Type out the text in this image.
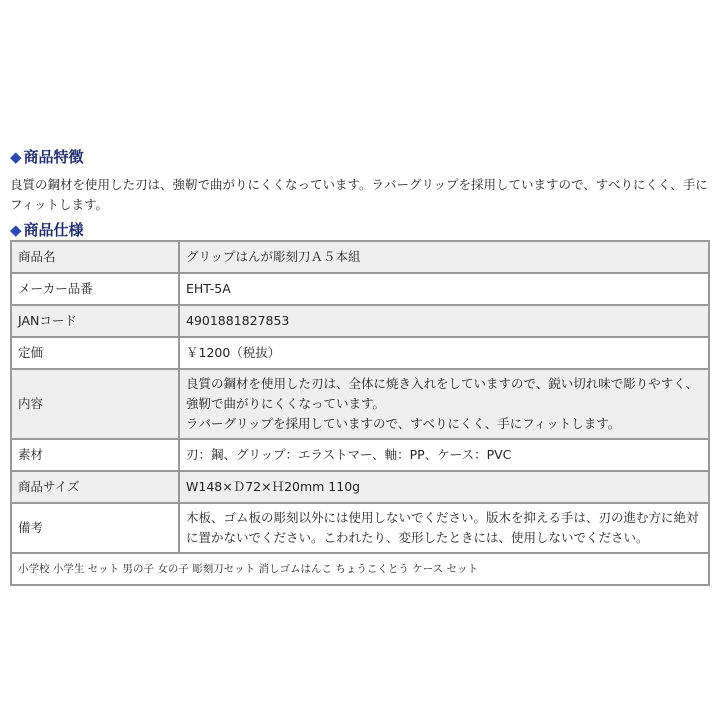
◆ 商品特徴
良質の鋼材を使用した刃は、強靭で曲がりにくくなっています。ラバーグリップを採用していますので、すべりにくく、手にフィットします。
◆ 商品仕様
商品名	グリップはんが彫刻刀Ａ５本組
メーカー品番	EHT-5A
JANコード	4901881827853
定価	￥1200（税抜）
内容	良質の鋼材を使用した刃は、全体に焼き入れをしていますので、鋭い切れ味で彫りやすく、強靭で曲がりにくくなっています。
ラバーグリップを採用していますので、すべりにくく、手にフィットします。

素材	刃：鋼、グリップ：エラストマー、軸：PP、ケース：PVC
商品サイズ	W148×Ｄ72×Ｈ20mm 110g
備考	木板、ゴム板の彫刻以外には使用しないでください。版木を抑える手は、刃の進む方に絶対に置かないでください。こわれたり、変形したときには、使用しないでください。
小学校 小学生 セット 男の子 女の子 彫刻刀セット 消しゴムはんこ ちょうこくとう ケース セット	
